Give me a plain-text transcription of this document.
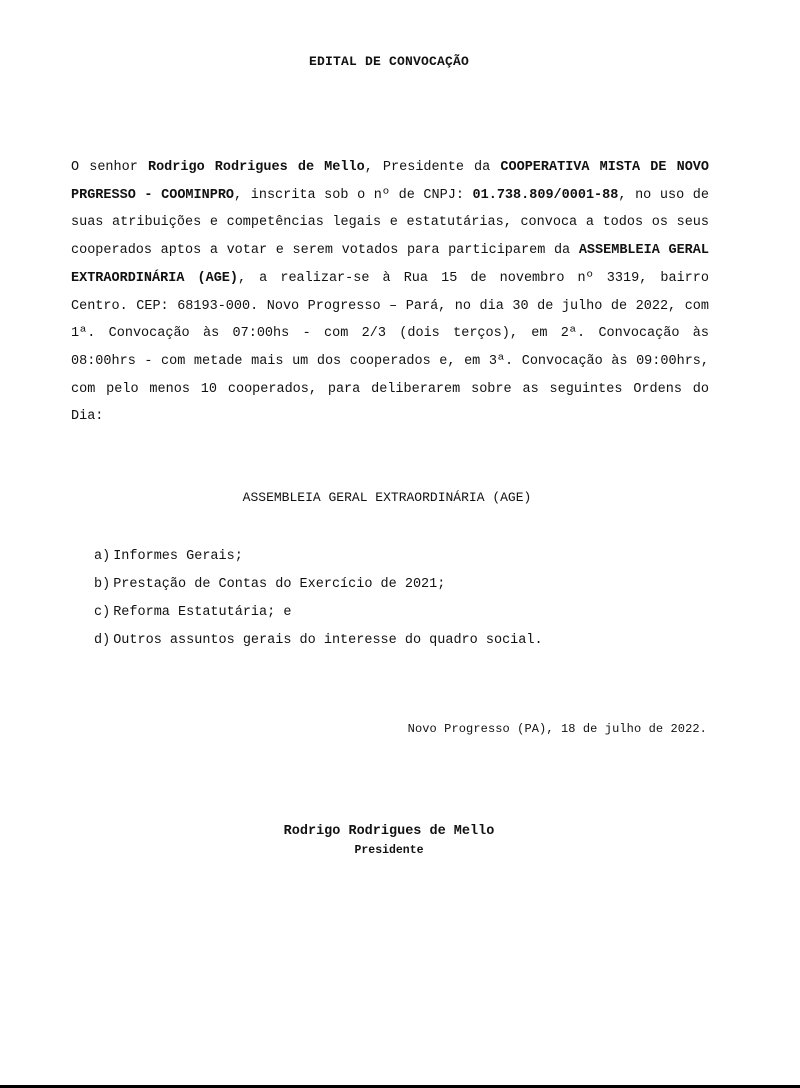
EDITAL DE CONVOCAÇÃO

O senhor Rodrigo Rodrigues de Mello, Presidente da COOPERATIVA MISTA DE NOVO PRGRESSO - COOMINPRO, inscrita sob o nº de CNPJ: 01.738.809/0001-88, no uso de suas atribuições e competências legais e estatutárias, convoca a todos os seus cooperados aptos a votar e serem votados para participarem da ASSEMBLEIA GERAL EXTRAORDINÁRIA (AGE), a realizar-se à Rua 15 de novembro nº 3319, bairro Centro. CEP: 68193-000. Novo Progresso – Pará, no dia 30 de julho de 2022, com 1ª. Convocação às 07:00hs - com 2/3 (dois terços), em 2ª. Convocação às 08:00hrs - com metade mais um dos cooperados e, em 3ª. Convocação às 09:00hrs, com pelo menos 10 cooperados, para deliberarem sobre as seguintes Ordens do Dia:

ASSEMBLEIA GERAL EXTRAORDINÁRIA (AGE)
a) Informes Gerais;
b) Prestação de Contas do Exercício de 2021;
c) Reforma Estatutária; e
d) Outros assuntos gerais do interesse do quadro social.
Novo Progresso (PA), 18 de julho de 2022.
Rodrigo Rodrigues de Mello
Presidente
